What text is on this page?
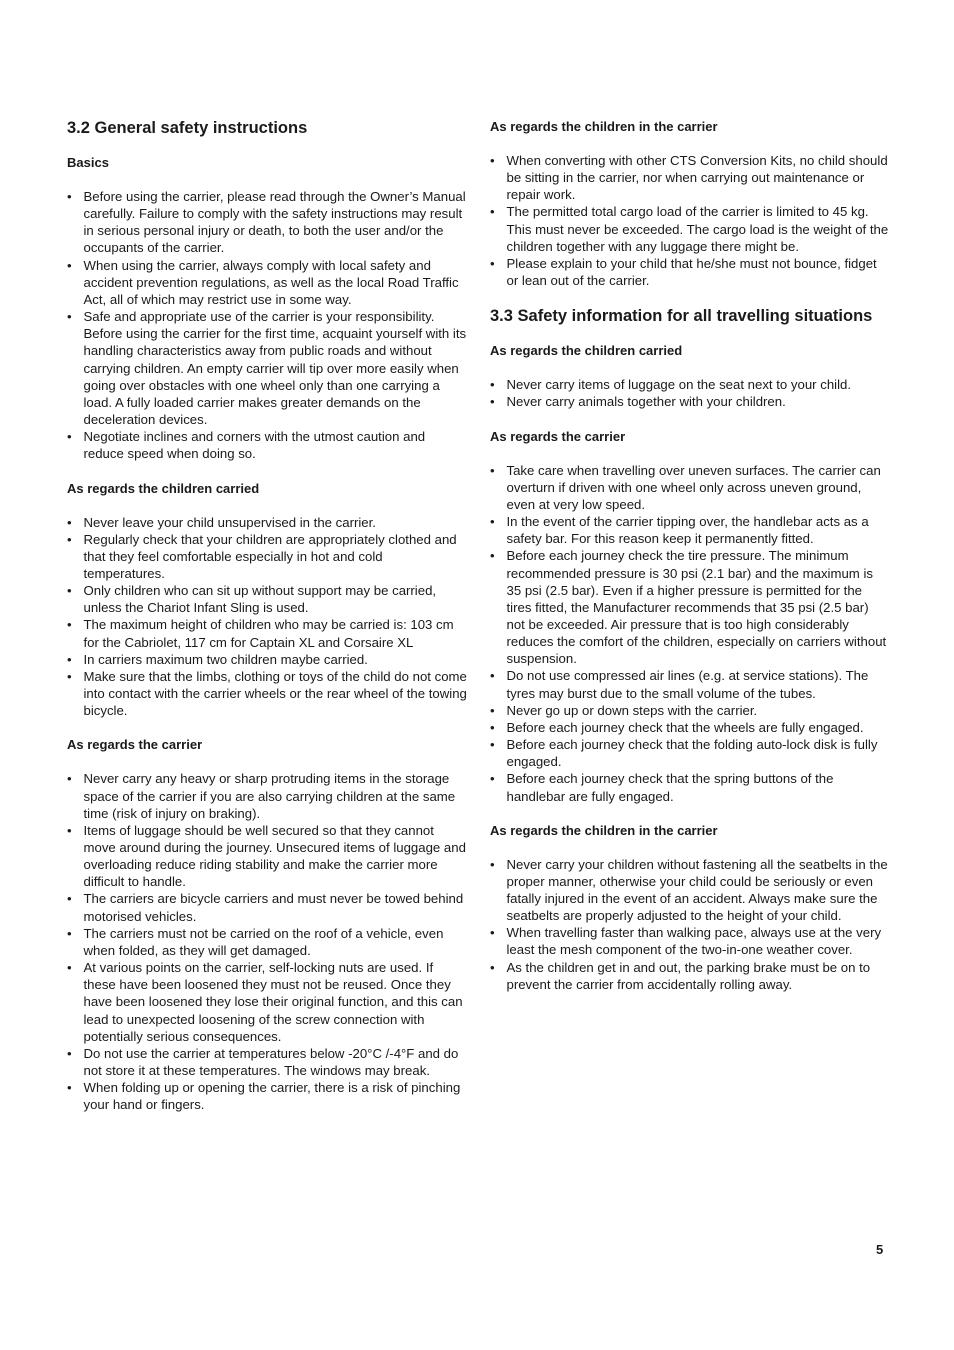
3.2 General safety instructions
Basics
• Before using the carrier, please read through the Owner’s Manual carefully. Failure to comply with the safety instructions may result in serious personal injury or death, to both the user and/or the occupants of the carrier.
• When using the carrier, always comply with local safety and accident prevention regulations, as well as the local Road Traffic Act, all of which may restrict use in some way.
• Safe and appropriate use of the carrier is your responsibility. Before using the carrier for the first time, acquaint yourself with its handling characteristics away from public roads and without carrying children. An empty carrier will tip over more easily when going over obstacles with one wheel only than one carrying a load. A fully loaded carrier makes greater demands on the deceleration devices.
• Negotiate inclines and corners with the utmost caution and reduce speed when doing so.
As regards the children carried
• Never leave your child unsupervised in the carrier.
• Regularly check that your children are appropriately clothed and that they feel comfortable especially in hot and cold temperatures.
• Only children who can sit up without support may be carried, unless the Chariot Infant Sling is used.
• The maximum height of children who may be carried is: 103 cm for the Cabriolet, 117 cm for Captain XL and Corsaire XL
• In carriers maximum two children maybe carried.
• Make sure that the limbs, clothing or toys of the child do not come into contact with the carrier wheels or the rear wheel of the towing bicycle.
As regards the carrier
• Never carry any heavy or sharp protruding items in the storage space of the carrier if you are also carrying children at the same time (risk of injury on braking).
• Items of luggage should be well secured so that they cannot move around during the journey. Unsecured items of luggage and overloading reduce riding stability and make the carrier more difficult to handle.
• The carriers are bicycle carriers and must never be towed behind motorised vehicles.
• The carriers must not be carried on the roof of a vehicle, even when folded, as they will get damaged.
• At various points on the carrier, self-locking nuts are used. If these have been loosened they must not be reused. Once they have been loosened they lose their original function, and this can lead to unexpected loosening of the screw connection with potentially serious consequences.
• Do not use the carrier at temperatures below -20°C /-4°F and do not store it at these temperatures. The windows may break.
• When folding up or opening the carrier, there is a risk of pinching your hand or fingers.
As regards the children in the carrier
• When converting with other CTS Conversion Kits, no child should be sitting in the carrier, nor when carrying out maintenance or repair work.
• The permitted total cargo load of the carrier is limited to 45 kg. This must never be exceeded. The cargo load is the weight of the children together with any luggage there might be.
• Please explain to your child that he/she must not bounce, fidget or lean out of the carrier.
3.3 Safety information for all travelling situations
As regards the children carried
• Never carry items of luggage on the seat next to your child.
• Never carry animals together with your children.
As regards the carrier
• Take care when travelling over uneven surfaces. The carrier can overturn if driven with one wheel only across uneven ground, even at very low speed.
• In the event of the carrier tipping over, the handlebar acts as a safety bar. For this reason keep it permanently fitted.
• Before each journey check the tire pressure. The minimum recommended pressure is 30 psi (2.1 bar) and the maximum is 35 psi (2.5 bar). Even if a higher pressure is permitted for the tires fitted, the Manufacturer recommends that 35 psi (2.5 bar) not be exceeded. Air pressure that is too high considerably reduces the comfort of the children, especially on carriers without suspension.
• Do not use compressed air lines (e.g. at service stations). The tyres may burst due to the small volume of the tubes.
• Never go up or down steps with the carrier.
• Before each journey check that the wheels are fully engaged.
• Before each journey check that the folding auto-lock disk is fully engaged.
• Before each journey check that the spring buttons of the handlebar are fully engaged.
As regards the children in the carrier
• Never carry your children without fastening all the seatbelts in the proper manner, otherwise your child could be seriously or even fatally injured in the event of an accident. Always make sure the seatbelts are properly adjusted to the height of your child.
• When travelling faster than walking pace, always use at the very least the mesh component of the two-in-one weather cover.
• As the children get in and out, the parking brake must be on to prevent the carrier from accidentally rolling away.
5
